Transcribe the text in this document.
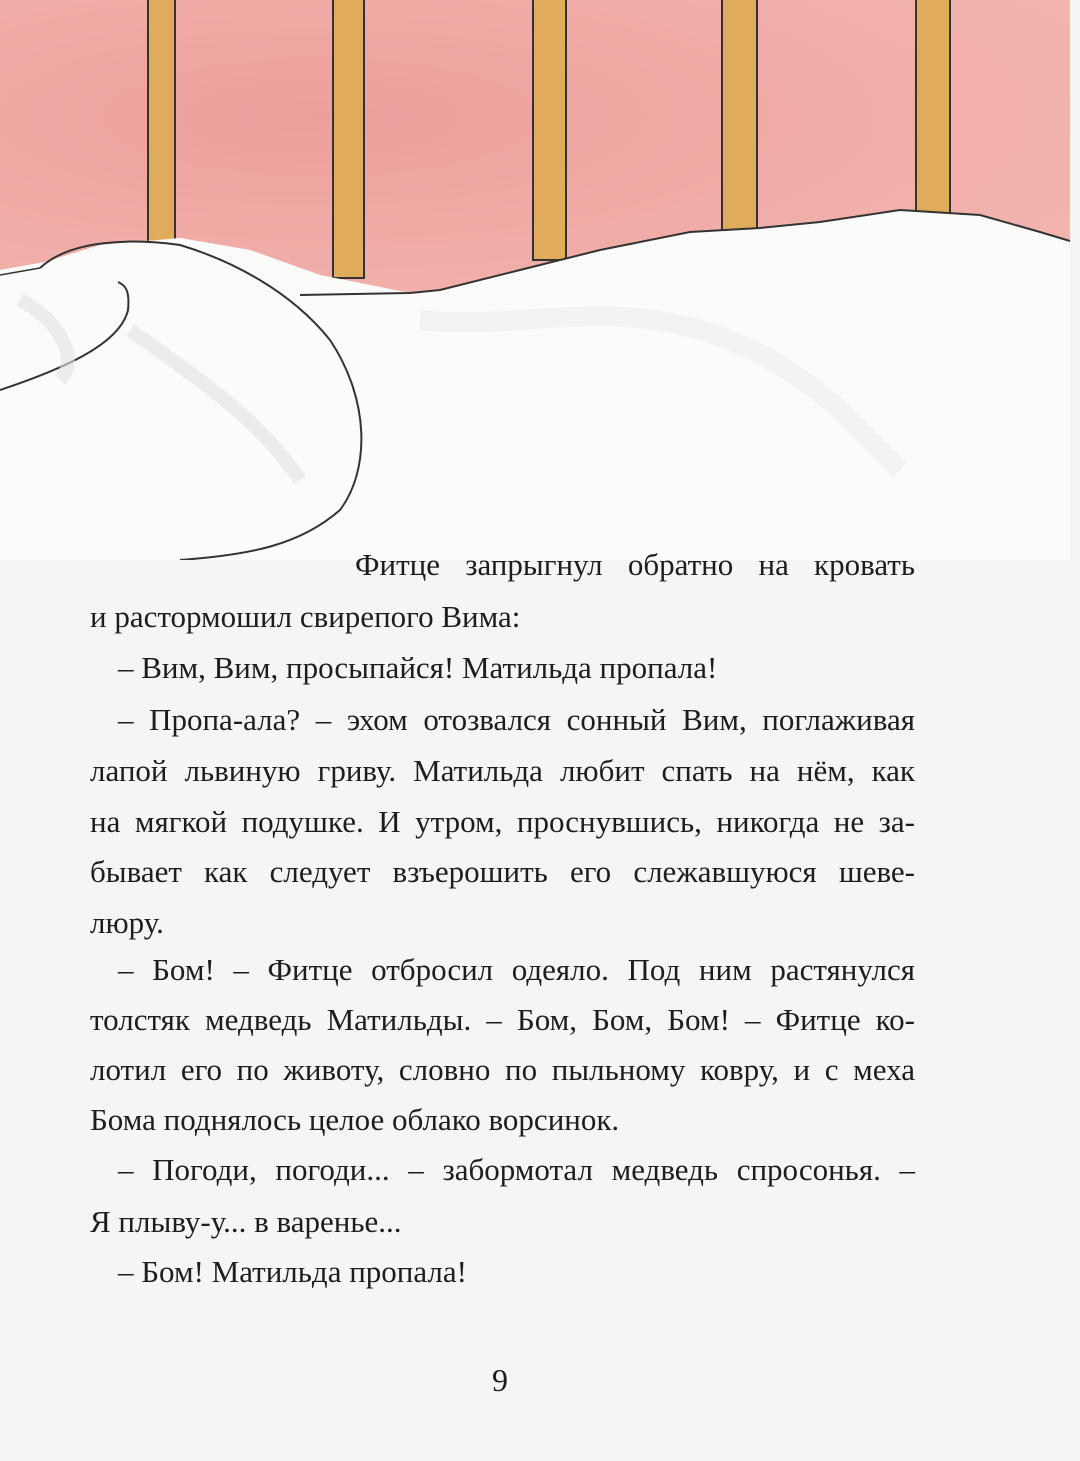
Фитце запрыгнул обратно на кровать
и растормошил свирепого Вима:
– Вим, Вим, просыпайся! Матильда пропала!
– Пропа-ала? – эхом отозвался сонный Вим, поглаживая
лапой львиную гриву. Матильда любит спать на нём, как
на мягкой подушке. И утром, проснувшись, никогда не за-
бывает как следует взъерошить его слежавшуюся шеве-
люру.
– Бом! – Фитце отбросил одеяло. Под ним растянулся
толстяк медведь Матильды. – Бом, Бом, Бом! – Фитце ко-
лотил его по животу, словно по пыльному ковру, и с меха
Бома поднялось целое облако ворсинок.
– Погоди, погоди... – забормотал медведь спросонья. –
Я плыву-у... в варенье...
– Бом! Матильда пропала!
9
